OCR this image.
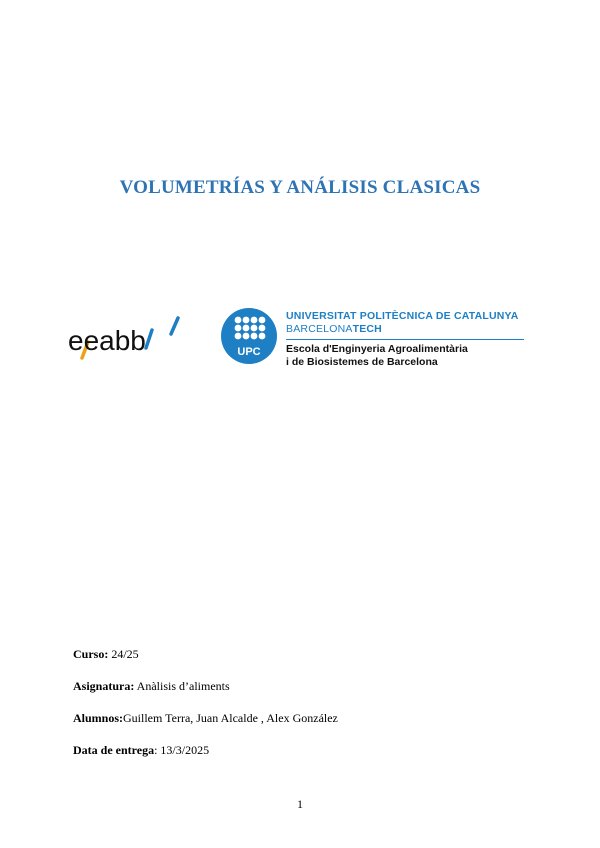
VOLUMETRÍAS Y ANÁLISIS CLASICAS
eeabb	UPC
UNIVERSITAT POLITÈCNICA DE CATALUNYA
BARCELONATECH
Escola d'Enginyeria Agroalimentària
i de Biosistemes de Barcelona
Curso: 24/25
Asignatura: Anàlisis d’aliments
Alumnos:Guillem Terra, Juan Alcalde , Alex González
Data de entrega: 13/3/2025
1
